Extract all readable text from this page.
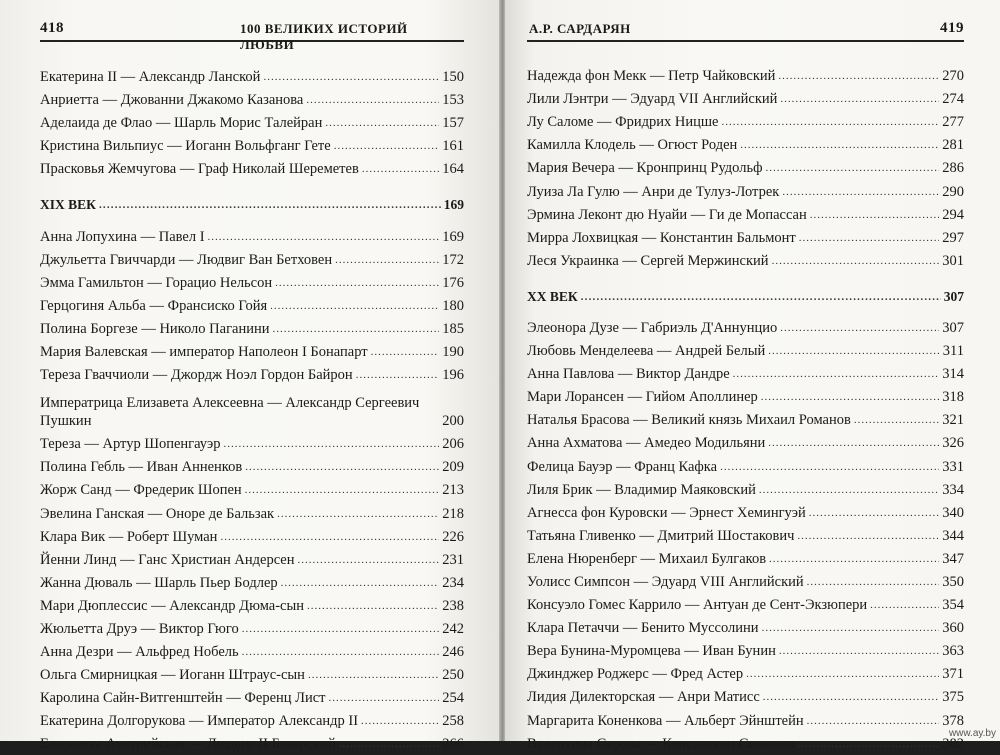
418	100 ВЕЛИКИХ ИСТОРИЙ ЛЮБВИ
Екатерина II — Александр Ланской .....	150
Анриетта — Джованни Джакомо Казанова .....	153
Аделаида де Флао — Шарль Морис Талейран .....	157
Кристина Вильпиус — Иоганн Вольфганг Гете .....	161
Прасковья Жемчугова — Граф Николай Шереметев .....	164
XIX ВЕК .....	169
Анна Лопухина — Павел I .....	169
Джульетта Гвиччарди — Людвиг Ван Бетховен .....	172
Эмма Гамильтон — Горацио Нельсон .....	176
Герцогиня Альба — Франсиско Гойя .....	180
Полина Боргезе — Николо Паганини .....	185
Мария Валевская — император Наполеон I Бонапарт .....	190
Тереза Гваччиоли — Джордж Ноэл Гордон Байрон .....	196
Императрица Елизавета Алексеевна — Александр Сергеевич Пушкин	200
Тереза — Артур Шопенгауэр .....	206
Полина Гебль — Иван Анненков .....	209
Жорж Санд — Фредерик Шопен .....	213
Эвелина Ганская — Оноре де Бальзак .....	218
Клара Вик — Роберт Шуман .....	226
Йенни Линд — Ганс Христиан Андерсен .....	231
Жанна Дюваль — Шарль Пьер Бодлер .....	234
Мари Дюплессис — Александр Дюма-сын .....	238
Жюльетта Друэ — Виктор Гюго .....	242
Анна Дезри — Альфред Нобель .....	246
Ольга Смирницкая — Иоганн Штраус-сын .....	250
Каролина Сайн-Витгенштейн — Ференц Лист .....	254
Екатерина Долгорукова — Император Александр II .....	258
Елизавета Австрийская — Людвиг II Баварский .....	266
А.Р. САРДАРЯН	419
Надежда фон Мекк — Петр Чайковский .....	270
Лили Лэнтри — Эдуард VII Английский .....	274
Лу Саломе — Фридрих Ницше .....	277
Камилла Клодель — Огюст Роден .....	281
Мария Вечера — Кронпринц Рудольф .....	286
Луиза Ла Гулю — Анри де Тулуз-Лотрек .....	290
Эрмина Леконт дю Нуайи — Ги де Мопассан .....	294
Мирра Лохвицкая — Константин Бальмонт .....	297
Леся Украинка — Сергей Мержинский .....	301
XX ВЕК .....	307
Элеонора Дузе — Габриэль Д'Аннунцио .....	307
Любовь Менделеева — Андрей Белый .....	311
Анна Павлова — Виктор Дандре .....	314
Мари Лорансен — Гийом Аполлинер .....	318
Наталья Брасова — Великий князь Михаил Романов .....	321
Анна Ахматова — Амедео Модильяни .....	326
Фелица Бауэр — Франц Кафка .....	331
Лиля Брик — Владимир Маяковский .....	334
Агнесса фон Куровски — Эрнест Хемингуэй .....	340
Татьяна Гливенко — Дмитрий Шостакович .....	344
Елена Нюренберг — Михаил Булгаков .....	347
Уолисс Симпсон — Эдуард VIII Английский .....	350
Консуэло Гомес Каррило — Антуан де Сент-Экзюпери .....	354
Клара Петаччи — Бенито Муссолини .....	360
Вера Бунина-Муромцева — Иван Бунин .....	363
Джинджер Роджерс — Фред Астер .....	371
Лидия Дилекторская — Анри Матисс .....	375
Маргарита Коненкова — Альберт Эйнштейн .....	378
Валентина Серова — Константин Симонов .....	382
www.ay.by
